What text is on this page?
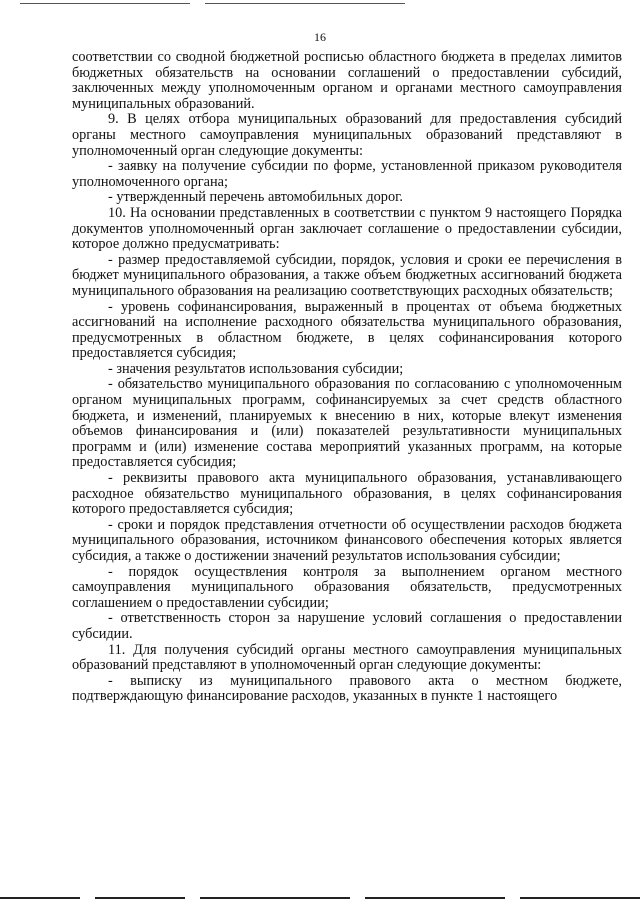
16

соответствии со сводной бюджетной росписью областного бюджета в пределах лимитов бюджетных обязательств на основании соглашений о предоставлении субсидий, заключенных между уполномоченным органом и органами местного самоуправления муниципальных образований.

9. В целях отбора муниципальных образований для предоставления субсидий органы местного самоуправления муниципальных образований представляют в уполномоченный орган следующие документы:

- заявку на получение субсидии по форме, установленной приказом руководителя уполномоченного органа;

- утвержденный перечень автомобильных дорог.

10. На основании представленных в соответствии с пунктом 9 настоящего Порядка документов уполномоченный орган заключает соглашение о предоставлении субсидии, которое должно предусматривать:

- размер предоставляемой субсидии, порядок, условия и сроки ее перечисления в бюджет муниципального образования, а также объем бюджетных ассигнований бюджета муниципального образования на реализацию соответствующих расходных обязательств;

- уровень софинансирования, выраженный в процентах от объема бюджетных ассигнований на исполнение расходного обязательства муниципального образования, предусмотренных в областном бюджете, в целях софинансирования которого предоставляется субсидия;

- значения результатов использования субсидии;

- обязательство муниципального образования по согласованию с уполномоченным органом муниципальных программ, софинансируемых за счет средств областного бюджета, и изменений, планируемых к внесению в них, которые влекут изменения объемов финансирования и (или) показателей результативности муниципальных программ и (или) изменение состава мероприятий указанных программ, на которые предоставляется субсидия;

- реквизиты правового акта муниципального образования, устанавливающего расходное обязательство муниципального образования, в целях софинансирования которого предоставляется субсидия;

- сроки и порядок представления отчетности об осуществлении расходов бюджета муниципального образования, источником финансового обеспечения которых является субсидия, а также о достижении значений результатов использования субсидии;

- порядок осуществления контроля за выполнением органом местного самоуправления муниципального образования обязательств, предусмотренных соглашением о предоставлении субсидии;

- ответственность сторон за нарушение условий соглашения о предоставлении субсидии.

11. Для получения субсидий органы местного самоуправления муниципальных образований представляют в уполномоченный орган следующие документы:

- выписку из муниципального правового акта о местном бюджете, подтверждающую финансирование расходов, указанных в пункте 1 настоящего
